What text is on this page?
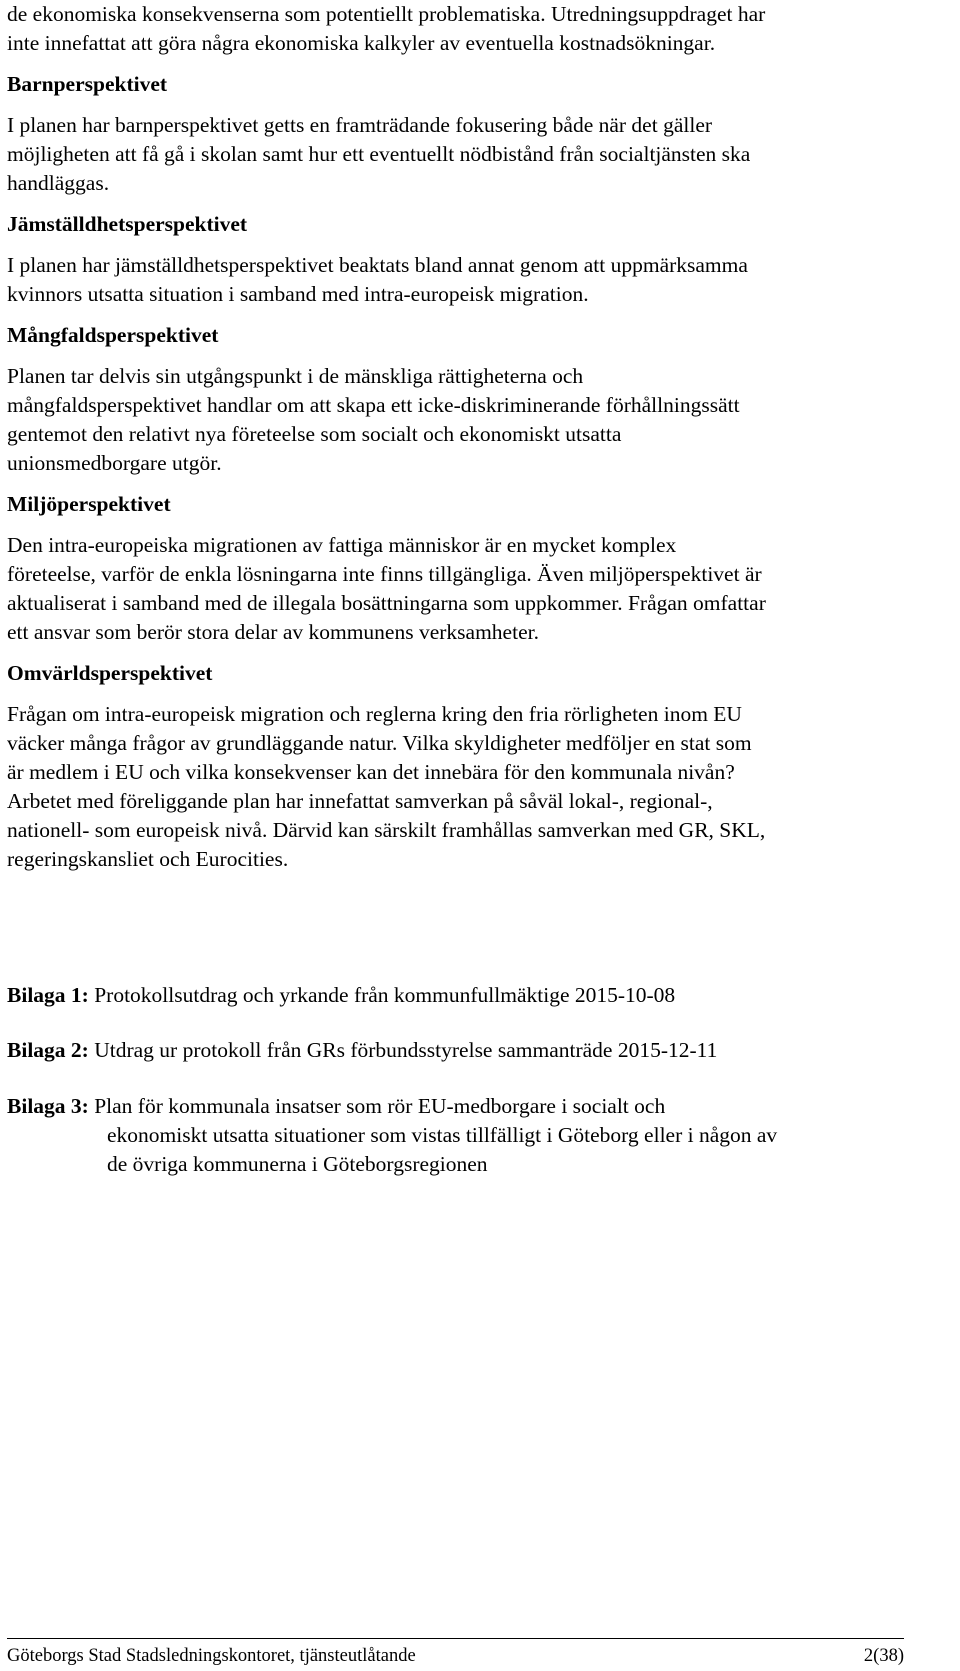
de ekonomiska konsekvenserna som potentiellt problematiska. Utredningsuppdraget har
inte innefattat att göra några ekonomiska kalkyler av eventuella kostnadsökningar.
Barnperspektivet
I planen har barnperspektivet getts en framträdande fokusering både när det gäller
möjligheten att få gå i skolan samt hur ett eventuellt nödbistånd från socialtjänsten ska
handläggas.
Jämställdhetsperspektivet
I planen har jämställdhetsperspektivet beaktats bland annat genom att uppmärksamma
kvinnors utsatta situation i samband med intra-europeisk migration.
Mångfaldsperspektivet
Planen tar delvis sin utgångspunkt i de mänskliga rättigheterna och
mångfaldsperspektivet handlar om att skapa ett icke-diskriminerande förhållningssätt
gentemot den relativt nya företeelse som socialt och ekonomiskt utsatta
unionsmedborgare utgör.
Miljöperspektivet
Den intra-europeiska migrationen av fattiga människor är en mycket komplex
företeelse, varför de enkla lösningarna inte finns tillgängliga. Även miljöperspektivet är
aktualiserat i samband med de illegala bosättningarna som uppkommer. Frågan omfattar
ett ansvar som berör stora delar av kommunens verksamheter.
Omvärldsperspektivet
Frågan om intra-europeisk migration och reglerna kring den fria rörligheten inom EU
väcker många frågor av grundläggande natur. Vilka skyldigheter medföljer en stat som
är medlem i EU och vilka konsekvenser kan det innebära för den kommunala nivån?
Arbetet med föreliggande plan har innefattat samverkan på såväl lokal-, regional-,
nationell- som europeisk nivå. Därvid kan särskilt framhållas samverkan med GR, SKL,
regeringskansliet och Eurocities.
Bilaga 1: Protokollsutdrag och yrkande från kommunfullmäktige 2015-10-08
Bilaga 2: Utdrag ur protokoll från GRs förbundsstyrelse sammanträde 2015-12-11
Bilaga 3: Plan för kommunala insatser som rör EU-medborgare i socialt och
ekonomiskt utsatta situationer som vistas tillfälligt i Göteborg eller i någon av
de övriga kommunerna i Göteborgsregionen
Göteborgs Stad Stadsledningskontoret, tjänsteutlåtande	2(38)
